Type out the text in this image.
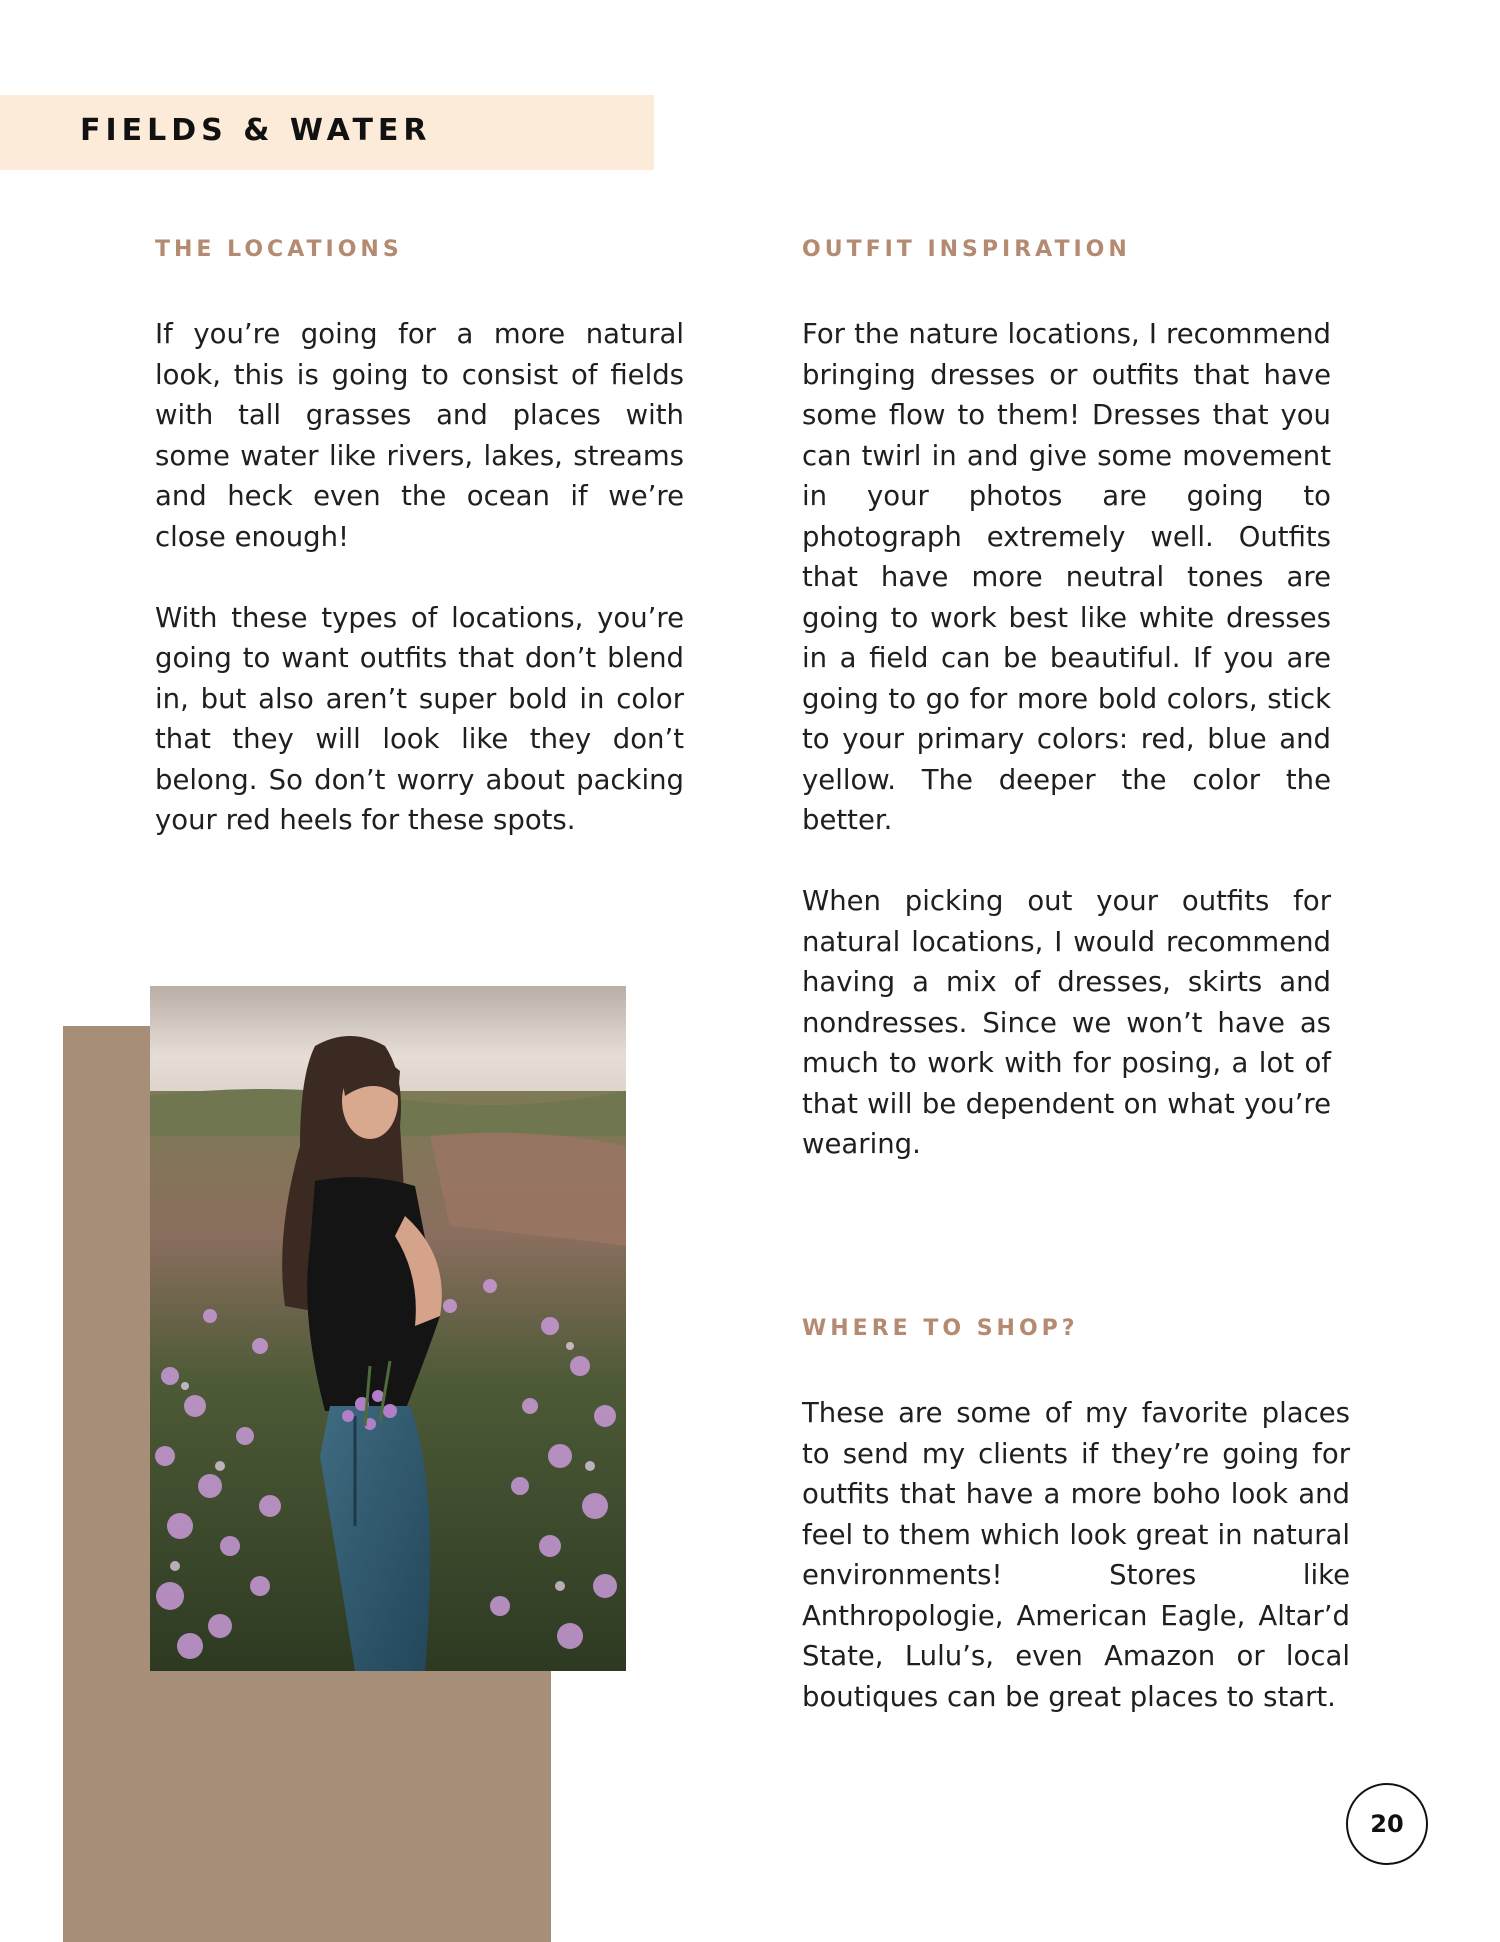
FIELDS & WATER
THE LOCATIONS

If you’re going for a more natural look, this is going to consist of fields with tall grasses and places with some water like rivers, lakes, streams and heck even the ocean if we’re close enough!

With these types of locations, you’re going to want outfits that don’t blend in, but also aren’t super bold in color that they will look like they don’t belong. So don’t worry about packing your red heels for these spots.

OUTFIT INSPIRATION

For the nature locations, I recommend bringing dresses or outfits that have some flow to them! Dresses that you can twirl in and give some movement in your photos are going to photograph extremely well. Outfits that have more neutral tones are going to work best like white dresses in a field can be beautiful. If you are going to go for more bold colors, stick to your primary colors: red, blue and yellow. The deeper the color the better.

When picking out your outfits for natural locations, I would recommend having a mix of dresses, skirts and nondresses. Since we won’t have as much to work with for posing, a lot of that will be dependent on what you’re wearing.

WHERE TO SHOP?

These are some of my favorite places to send my clients if they’re going for outfits that have a more boho look and feel to them which look great in natural environments! Stores like Anthropologie, American Eagle, Altar’d State, Lulu’s, even Amazon or local boutiques can be great places to start.

20
